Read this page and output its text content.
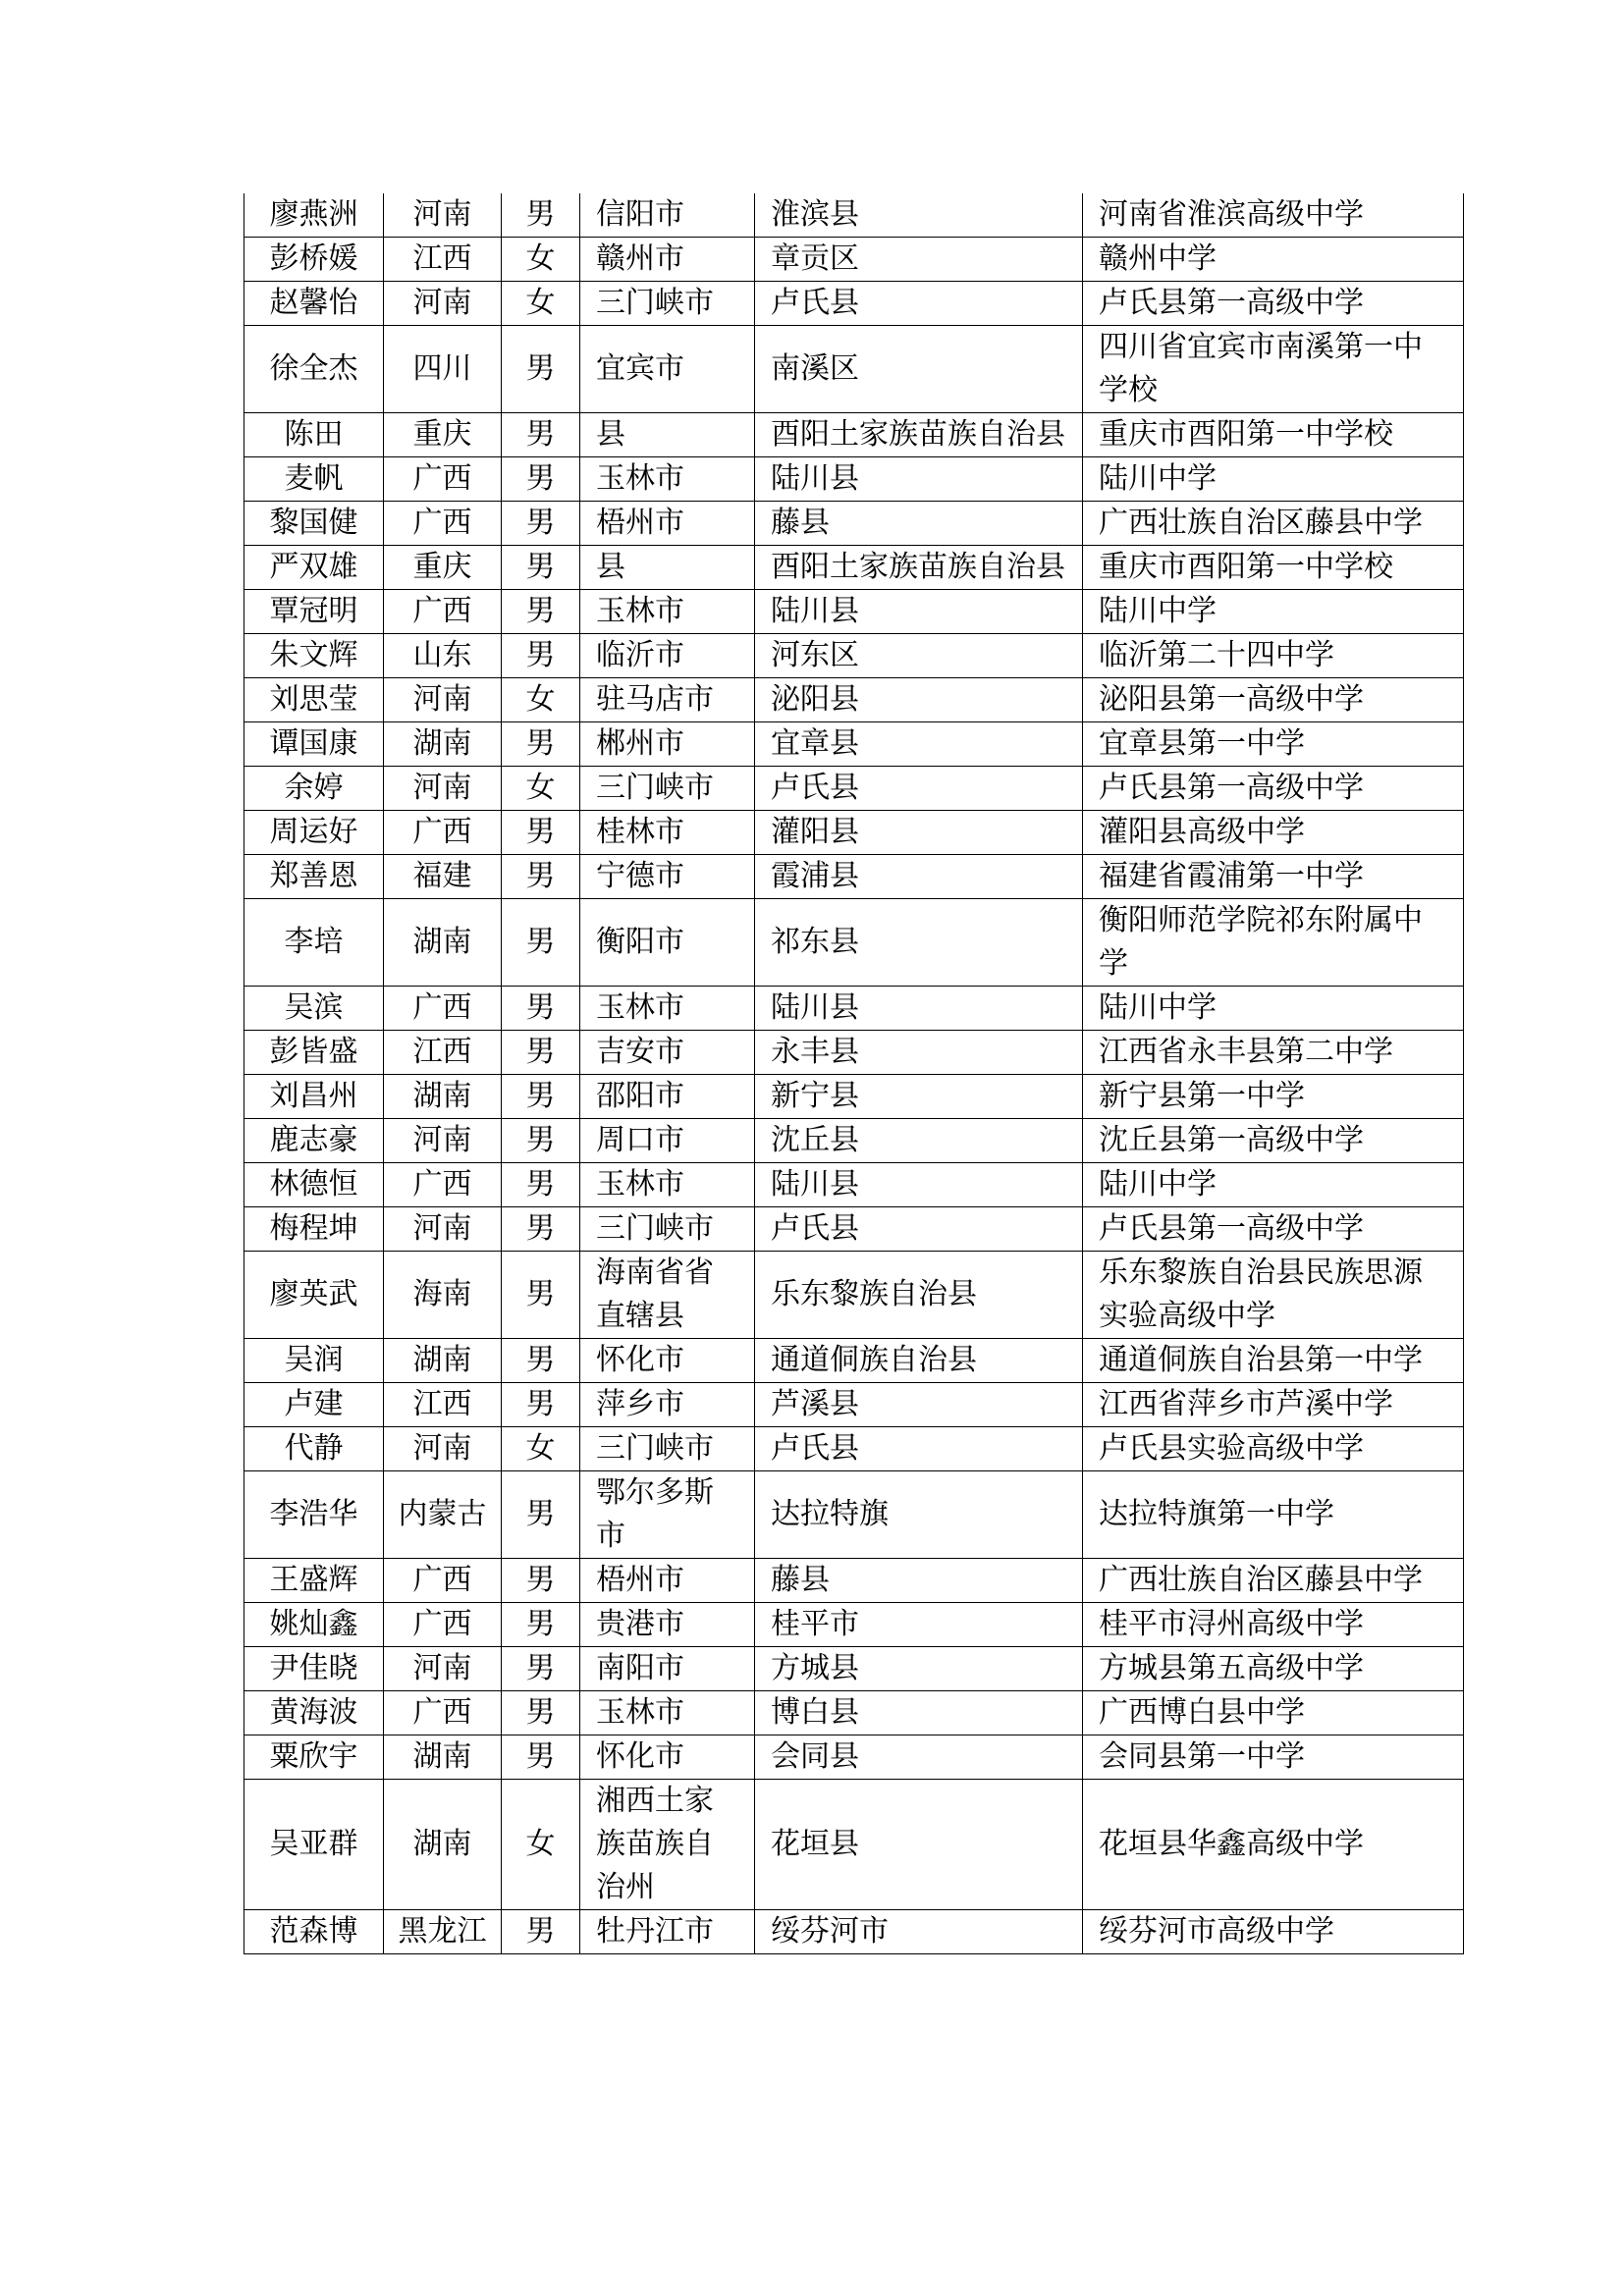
廖燕洲	河南	男	信阳市	淮滨县	河南省淮滨高级中学
彭桥媛	江西	女	赣州市	章贡区	赣州中学
赵馨怡	河南	女	三门峡市	卢氏县	卢氏县第一高级中学
徐全杰	四川	男	宜宾市	南溪区	四川省宜宾市南溪第一中学校
陈田	重庆	男	县	酉阳土家族苗族自治县	重庆市酉阳第一中学校
麦帆	广西	男	玉林市	陆川县	陆川中学
黎国健	广西	男	梧州市	藤县	广西壮族自治区藤县中学
严双雄	重庆	男	县	酉阳土家族苗族自治县	重庆市酉阳第一中学校
覃冠明	广西	男	玉林市	陆川县	陆川中学
朱文辉	山东	男	临沂市	河东区	临沂第二十四中学
刘思莹	河南	女	驻马店市	泌阳县	泌阳县第一高级中学
谭国康	湖南	男	郴州市	宜章县	宜章县第一中学
余婷	河南	女	三门峡市	卢氏县	卢氏县第一高级中学
周运好	广西	男	桂林市	灌阳县	灌阳县高级中学
郑善恩	福建	男	宁德市	霞浦县	福建省霞浦第一中学
李培	湖南	男	衡阳市	祁东县	衡阳师范学院祁东附属中学
吴滨	广西	男	玉林市	陆川县	陆川中学
彭皆盛	江西	男	吉安市	永丰县	江西省永丰县第二中学
刘昌州	湖南	男	邵阳市	新宁县	新宁县第一中学
鹿志豪	河南	男	周口市	沈丘县	沈丘县第一高级中学
林德恒	广西	男	玉林市	陆川县	陆川中学
梅程坤	河南	男	三门峡市	卢氏县	卢氏县第一高级中学
廖英武	海南	男	海南省省直辖县	乐东黎族自治县	乐东黎族自治县民族思源实验高级中学
吴润	湖南	男	怀化市	通道侗族自治县	通道侗族自治县第一中学
卢建	江西	男	萍乡市	芦溪县	江西省萍乡市芦溪中学
代静	河南	女	三门峡市	卢氏县	卢氏县实验高级中学
李浩华	内蒙古	男	鄂尔多斯市	达拉特旗	达拉特旗第一中学
王盛辉	广西	男	梧州市	藤县	广西壮族自治区藤县中学
姚灿鑫	广西	男	贵港市	桂平市	桂平市浔州高级中学
尹佳晓	河南	男	南阳市	方城县	方城县第五高级中学
黄海波	广西	男	玉林市	博白县	广西博白县中学
粟欣宇	湖南	男	怀化市	会同县	会同县第一中学
吴亚群	湖南	女	湘西土家族苗族自治州	花垣县	花垣县华鑫高级中学
范森博	黑龙江	男	牡丹江市	绥芬河市	绥芬河市高级中学
